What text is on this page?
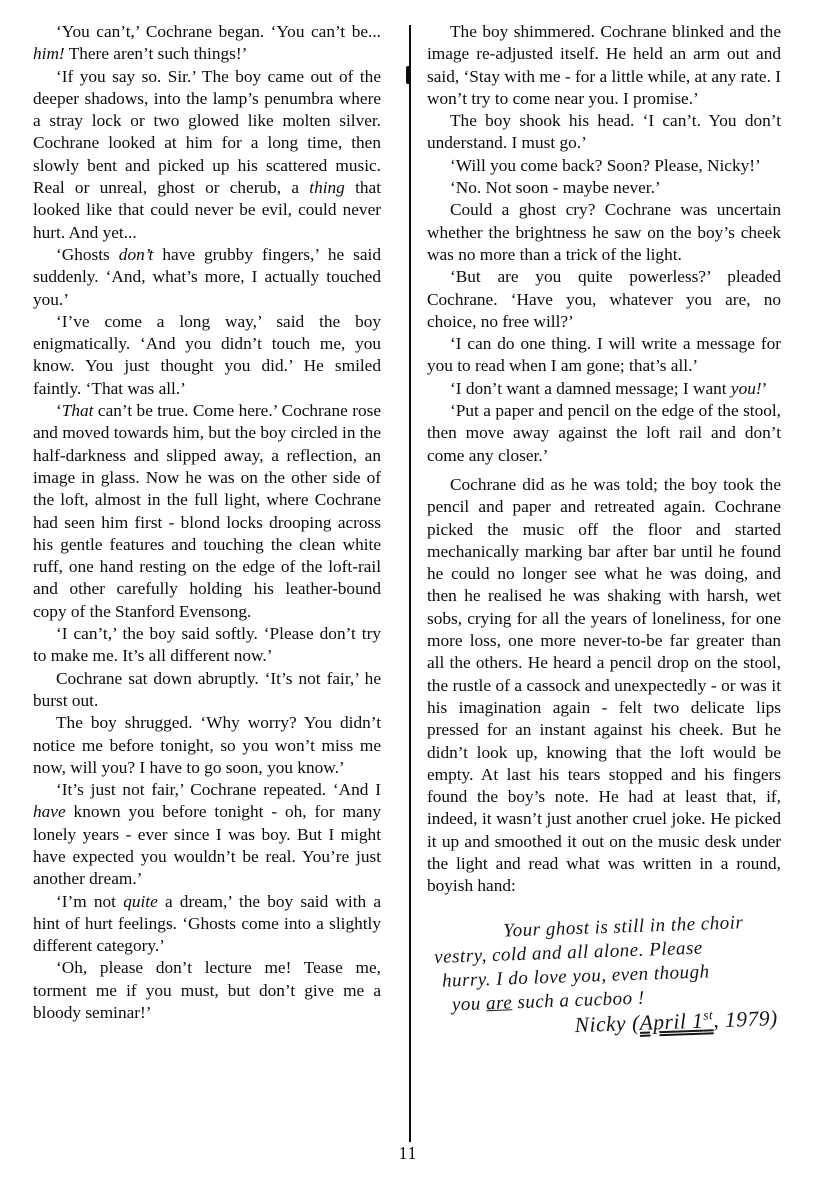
‘You can’t,’ Cochrane began. ‘You can’t be... him! There aren’t such things!’

‘If you say so. Sir.’ The boy came out of the deeper shadows, into the lamp’s penumbra where a stray lock or two glowed like molten silver. Cochrane looked at him for a long time, then slowly bent and picked up his scattered music. Real or unreal, ghost or cherub, a thing that looked like that could never be evil, could never hurt. And yet...

‘Ghosts don’t have grubby fingers,’ he said suddenly. ‘And, what’s more, I actually touched you.’

‘I’ve come a long way,’ said the boy enigmatically. ‘And you didn’t touch me, you know. You just thought you did.’ He smiled faintly. ‘That was all.’

‘That can’t be true. Come here.’ Cochrane rose and moved towards him, but the boy circled in the half-darkness and slipped away, a reflection, an image in glass. Now he was on the other side of the loft, almost in the full light, where Cochrane had seen him first - blond locks drooping across his gentle features and touching the clean white ruff, one hand resting on the edge of the loft-rail and other carefully holding his leather-bound copy of the Stanford Evensong.

‘I can’t,’ the boy said softly. ‘Please don’t try to make me. It’s all different now.’

Cochrane sat down abruptly. ‘It’s not fair,’ he burst out.

The boy shrugged. ‘Why worry? You didn’t notice me before tonight, so you won’t miss me now, will you? I have to go soon, you know.’

‘It’s just not fair,’ Cochrane repeated. ‘And I have known you before tonight - oh, for many lonely years - ever since I was boy. But I might have expected you wouldn’t be real. You’re just another dream.’

‘I’m not quite a dream,’ the boy said with a hint of hurt feelings. ‘Ghosts come into a slightly different category.’

‘Oh, please don’t lecture me! Tease me, torment me if you must, but don’t give me a bloody seminar!’

The boy shimmered. Cochrane blinked and the image re-adjusted itself. He held an arm out and said, ‘Stay with me - for a little while, at any rate. I won’t try to come near you. I promise.’

The boy shook his head. ‘I can’t. You don’t understand. I must go.’

‘Will you come back? Soon? Please, Nicky!’

‘No. Not soon - maybe never.’

Could a ghost cry? Cochrane was uncertain whether the brightness he saw on the boy’s cheek was no more than a trick of the light.

‘But are you quite powerless?’ pleaded Cochrane. ‘Have you, whatever you are, no choice, no free will?’

‘I can do one thing. I will write a message for you to read when I am gone; that’s all.’

‘I don’t want a damned message; I want you!’

‘Put a paper and pencil on the edge of the stool, then move away against the loft rail and don’t come any closer.’

Cochrane did as he was told; the boy took the pencil and paper and retreated again. Cochrane picked the music off the floor and started mechanically marking bar after bar until he found he could no longer see what he was doing, and then he realised he was shaking with harsh, wet sobs, crying for all the years of loneliness, for one more loss, one more never-to-be far greater than all the others. He heard a pencil drop on the stool, the rustle of a cassock and unexpectedly - or was it his imagination again - felt two delicate lips pressed for an instant against his cheek. But he didn’t look up, knowing that the loft would be empty. At last his tears stopped and his fingers found the boy’s note. He had at least that, if, indeed, it wasn’t just another cruel joke. He picked it up and smoothed it out on the music desk under the light and read what was written in a round, boyish hand:

Your ghost is still in the choir

vestry, cold and all alone. Please

hurry. I do love you, even though

you are such a cucboo !

Nicky (April 1st, 1979)

11
